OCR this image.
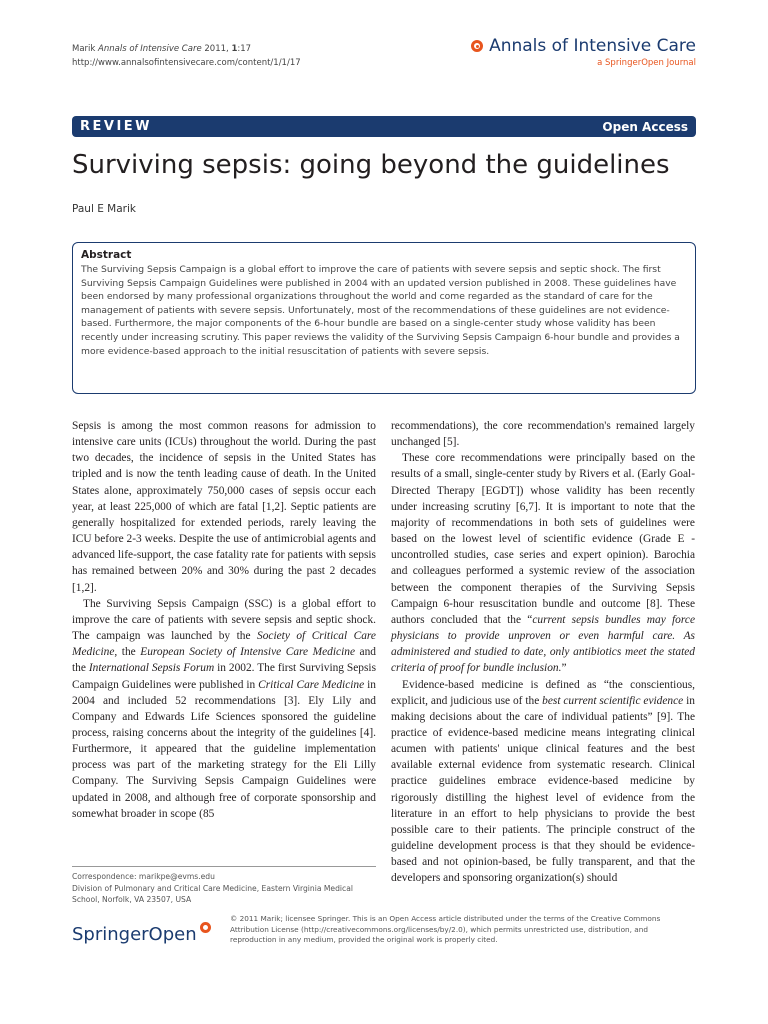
Marik Annals of Intensive Care 2011, 1:17
http://www.annalsofintensivecare.com/content/1/1/17
Annals of Intensive Care
a SpringerOpen Journal
REVIEW	Open Access
Surviving sepsis: going beyond the guidelines
Paul E Marik
Abstract
The Surviving Sepsis Campaign is a global effort to improve the care of patients with severe sepsis and septic shock. The first Surviving Sepsis Campaign Guidelines were published in 2004 with an updated version published in 2008. These guidelines have been endorsed by many professional organizations throughout the world and come regarded as the standard of care for the management of patients with severe sepsis. Unfortunately, most of the recommendations of these guidelines are not evidence-based. Furthermore, the major components of the 6-hour bundle are based on a single-center study whose validity has been recently under increasing scrutiny. This paper reviews the validity of the Surviving Sepsis Campaign 6-hour bundle and provides a more evidence-based approach to the initial resuscitation of patients with severe sepsis.

Sepsis is among the most common reasons for admission to intensive care units (ICUs) throughout the world. During the past two decades, the incidence of sepsis in the United States has tripled and is now the tenth leading cause of death. In the United States alone, approximately 750,000 cases of sepsis occur each year, at least 225,000 of which are fatal [1,2]. Septic patients are generally hospitalized for extended periods, rarely leaving the ICU before 2-3 weeks. Despite the use of antimicrobial agents and advanced life-support, the case fatality rate for patients with sepsis has remained between 20% and 30% during the past 2 decades [1,2].

The Surviving Sepsis Campaign (SSC) is a global effort to improve the care of patients with severe sepsis and septic shock. The campaign was launched by the Society of Critical Care Medicine, the European Society of Intensive Care Medicine and the International Sepsis Forum in 2002. The first Surviving Sepsis Campaign Guidelines were published in Critical Care Medicine in 2004 and included 52 recommendations [3]. Ely Lily and Company and Edwards Life Sciences sponsored the guideline process, raising concerns about the integrity of the guidelines [4]. Furthermore, it appeared that the guideline implementation process was part of the marketing strategy for the Eli Lilly Company. The Surviving Sepsis Campaign Guidelines were updated in 2008, and although free of corporate sponsorship and somewhat broader in scope (85

Correspondence: marikpe@evms.edu
Division of Pulmonary and Critical Care Medicine, Eastern Virginia Medical School, Norfolk, VA 23507, USA

recommendations), the core recommendation's remained largely unchanged [5].

These core recommendations were principally based on the results of a small, single-center study by Rivers et al. (Early Goal-Directed Therapy [EGDT]) whose validity has been recently under increasing scrutiny [6,7]. It is important to note that the majority of recommendations in both sets of guidelines were based on the lowest level of scientific evidence (Grade E - uncontrolled studies, case series and expert opinion). Barochia and colleagues performed a systemic review of the association between the component therapies of the Surviving Sepsis Campaign 6-hour resuscitation bundle and outcome [8]. These authors concluded that the “current sepsis bundles may force physicians to provide unproven or even harmful care. As administered and studied to date, only antibiotics meet the stated criteria of proof for bundle inclusion.”

Evidence-based medicine is defined as “the conscientious, explicit, and judicious use of the best current scientific evidence in making decisions about the care of individual patients” [9]. The practice of evidence-based medicine means integrating clinical acumen with patients' unique clinical features and the best available external evidence from systematic research. Clinical practice guidelines embrace evidence-based medicine by rigorously distilling the highest level of evidence from the literature in an effort to help physicians to provide the best possible care to their patients. The principle construct of the guideline development process is that they should be evidence-based and not opinion-based, be fully transparent, and that the developers and sponsoring organization(s) should

SpringerOpen
© 2011 Marik; licensee Springer. This is an Open Access article distributed under the terms of the Creative Commons Attribution License (http://creativecommons.org/licenses/by/2.0), which permits unrestricted use, distribution, and reproduction in any medium, provided the original work is properly cited.
